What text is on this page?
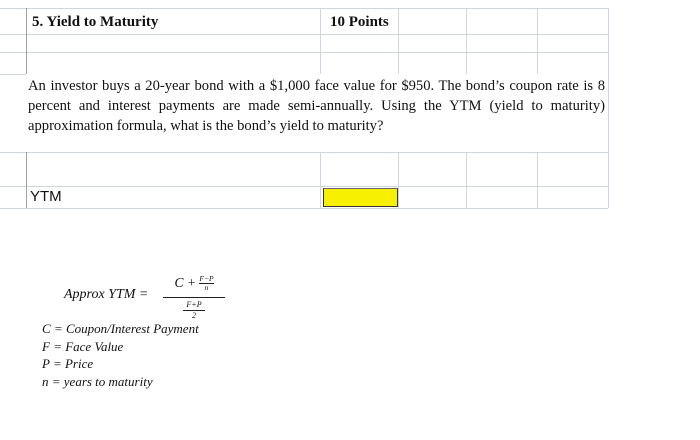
5. Yield to Maturity	10 Points
An investor buys a 20-year bond with a $1,000 face value for $950. The bond’s coupon rate is 8 percent and interest payments are made semi-annually. Using the YTM (yield to maturity) approximation formula, what is the bond’s yield to maturity?
YTM
Approx YTM =
$C + \frac{F-P}{n}$
F+P
2
C = Coupon/Interest Payment
F = Face Value
P = Price
n = years to maturity
